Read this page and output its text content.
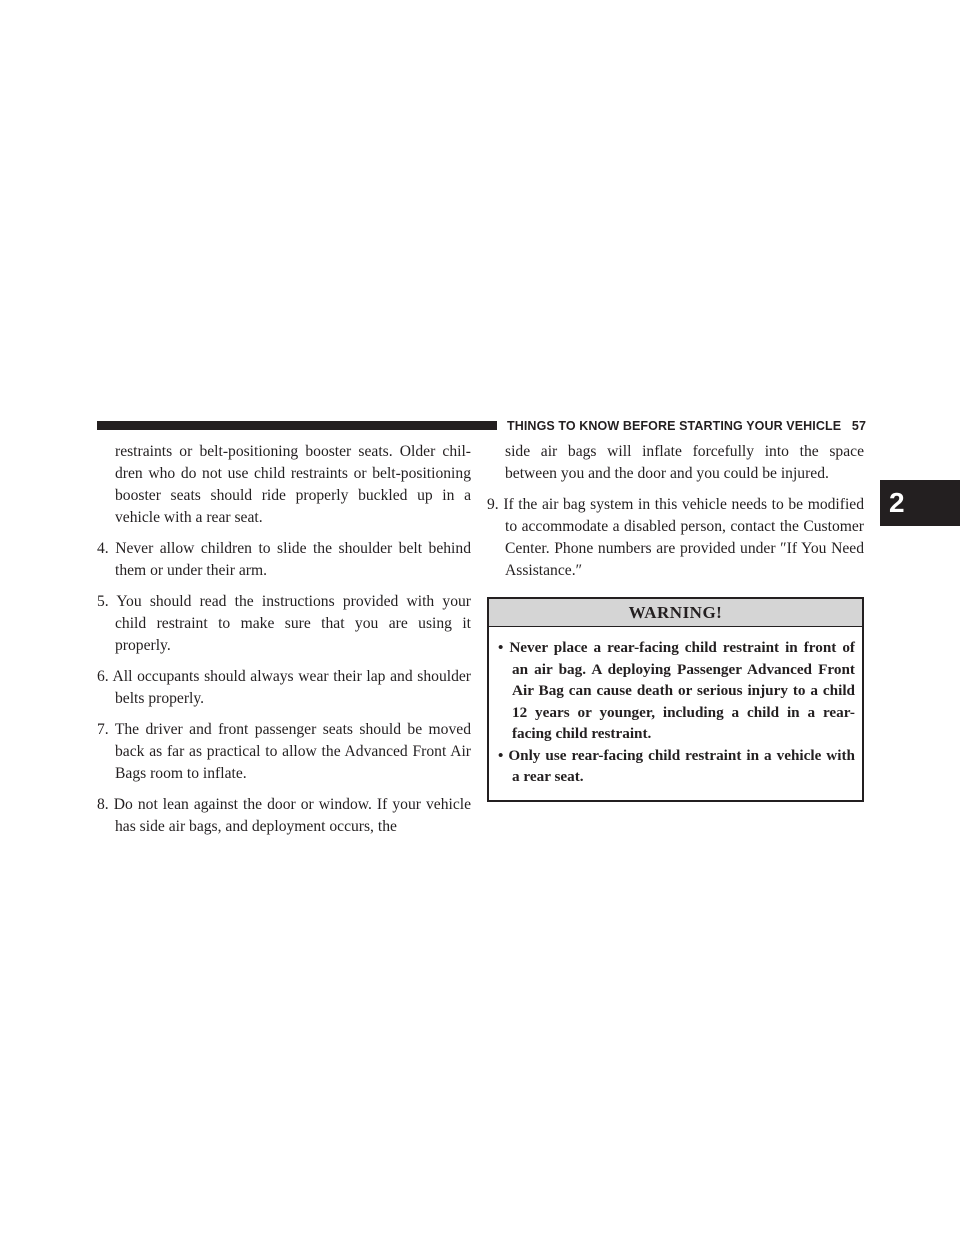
THINGS TO KNOW BEFORE STARTING YOUR VEHICLE 57
2

restraints or belt-positioning booster seats. Older chil-dren who do not use child restraints or belt-positioning booster seats should ride properly buckled up in a vehicle with a rear seat.

4. Never allow children to slide the shoulder belt behind them or under their arm.

5. You should read the instructions provided with your child restraint to make sure that you are using it properly.

6. All occupants should always wear their lap and shoulder belts properly.

7. The driver and front passenger seats should be moved back as far as practical to allow the Advanced Front Air Bags room to inflate.

8. Do not lean against the door or window. If your vehicle has side air bags, and deployment occurs, the

side air bags will inflate forcefully into the space between you and the door and you could be injured.

9. If the air bag system in this vehicle needs to be modified to accommodate a disabled person, contact the Customer Center. Phone numbers are provided under ″If You Need Assistance.″

WARNING!

• Never place a rear-facing child restraint in front of an air bag. A deploying Passenger Advanced Front Air Bag can cause death or serious injury to a child 12 years or younger, including a child in a rear-facing child restraint.

• Only use rear-facing child restraint in a vehicle with a rear seat.
